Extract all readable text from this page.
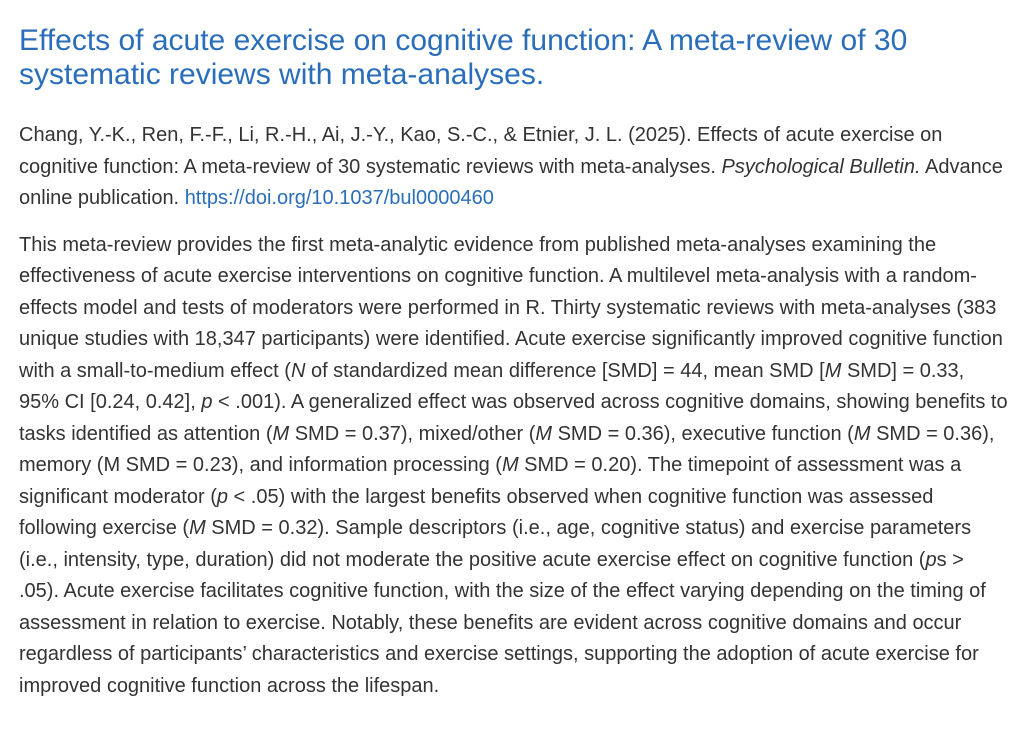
Effects of acute exercise on cognitive function: A meta-review of 30 systematic reviews with meta-analyses.

Chang, Y.-K., Ren, F.-F., Li, R.-H., Ai, J.-Y., Kao, S.-C., & Etnier, J. L. (2025). Effects of acute exercise on cognitive function: A meta-review of 30 systematic reviews with meta-analyses. Psychological Bulletin. Advance online publication. https://doi.org/10.1037/bul0000460

This meta-review provides the first meta-analytic evidence from published meta-analyses examining the effectiveness of acute exercise interventions on cognitive function. A multilevel meta-analysis with a random-effects model and tests of moderators were performed in R. Thirty systematic reviews with meta-analyses (383 unique studies with 18,347 participants) were identified. Acute exercise significantly improved cognitive function with a small-to-medium effect (N of standardized mean difference [SMD] = 44, mean SMD [M SMD] = 0.33, 95% CI [0.24, 0.42], p < .001). A generalized effect was observed across cognitive domains, showing benefits to tasks identified as attention (M SMD = 0.37), mixed/other (M SMD = 0.36), executive function (M SMD = 0.36), memory (M SMD = 0.23), and information processing (M SMD = 0.20). The timepoint of assessment was a significant moderator (p < .05) with the largest benefits observed when cognitive function was assessed following exercise (M SMD = 0.32). Sample descriptors (i.e., age, cognitive status) and exercise parameters (i.e., intensity, type, duration) did not moderate the positive acute exercise effect on cognitive function (ps > .05). Acute exercise facilitates cognitive function, with the size of the effect varying depending on the timing of assessment in relation to exercise. Notably, these benefits are evident across cognitive domains and occur regardless of participants’ characteristics and exercise settings, supporting the adoption of acute exercise for improved cognitive function across the lifespan.
